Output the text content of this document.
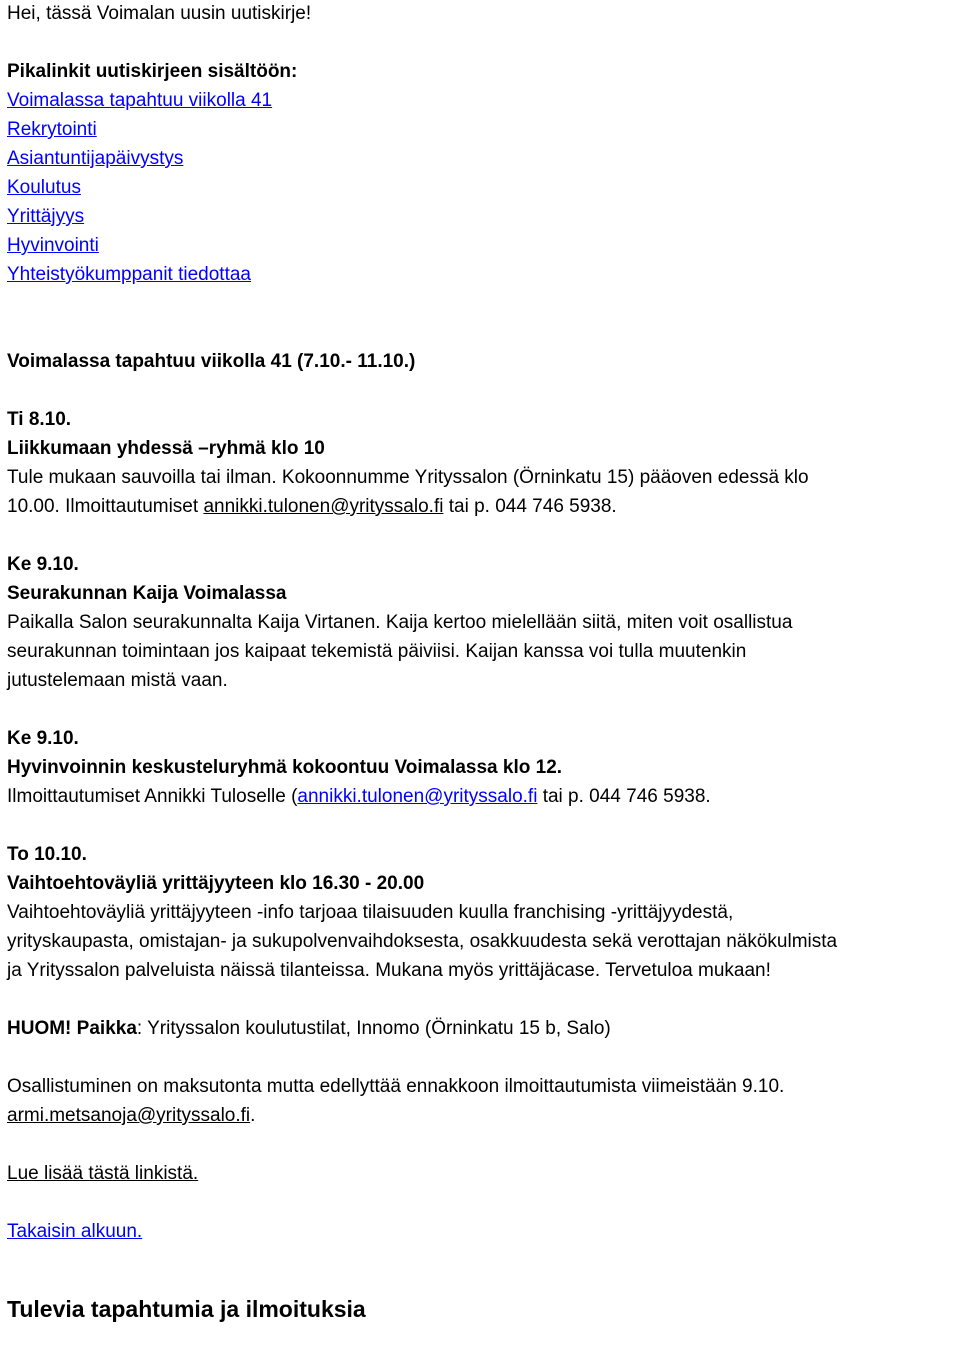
Hei, tässä Voimalan uusin uutiskirje!
Pikalinkit uutiskirjeen sisältöön:
Voimalassa tapahtuu viikolla 41
Rekrytointi
Asiantuntijapäivystys
Koulutus
Yrittäjyys
Hyvinvointi
Yhteistyökumppanit tiedottaa
Voimalassa tapahtuu viikolla 41 (7.10.- 11.10.)
Ti 8.10.
Liikkumaan yhdessä –ryhmä klo 10
Tule mukaan sauvoilla tai ilman. Kokoonnumme Yrityssalon (Örninkatu 15) pääoven edessä klo
10.00. Ilmoittautumiset annikki.tulonen@yrityssalo.fi tai p. 044 746 5938.
Ke 9.10.
Seurakunnan Kaija Voimalassa
Paikalla Salon seurakunnalta Kaija Virtanen. Kaija kertoo mielellään siitä, miten voit osallistua
seurakunnan toimintaan jos kaipaat tekemistä päiviisi. Kaijan kanssa voi tulla muutenkin
jutustelemaan mistä vaan.
Ke 9.10.
Hyvinvoinnin keskusteluryhmä kokoontuu Voimalassa klo 12.
Ilmoittautumiset Annikki Tuloselle (annikki.tulonen@yrityssalo.fi tai p. 044 746 5938.
To 10.10.
Vaihtoehtoväyliä yrittäjyyteen klo 16.30 - 20.00
Vaihtoehtoväyliä yrittäjyyteen -info tarjoaa tilaisuuden kuulla franchising -yrittäjyydestä,
yrityskaupasta, omistajan- ja sukupolvenvaihdoksesta, osakkuudesta sekä verottajan näkökulmista
ja Yrityssalon palveluista näissä tilanteissa. Mukana myös yrittäjäcase. Tervetuloa mukaan!
HUOM! Paikka: Yrityssalon koulutustilat, Innomo (Örninkatu 15 b, Salo)
Osallistuminen on maksutonta mutta edellyttää ennakkoon ilmoittautumista viimeistään 9.10.
armi.metsanoja@yrityssalo.fi.
Lue lisää tästä linkistä.
Takaisin alkuun.
Tulevia tapahtumia ja ilmoituksia
